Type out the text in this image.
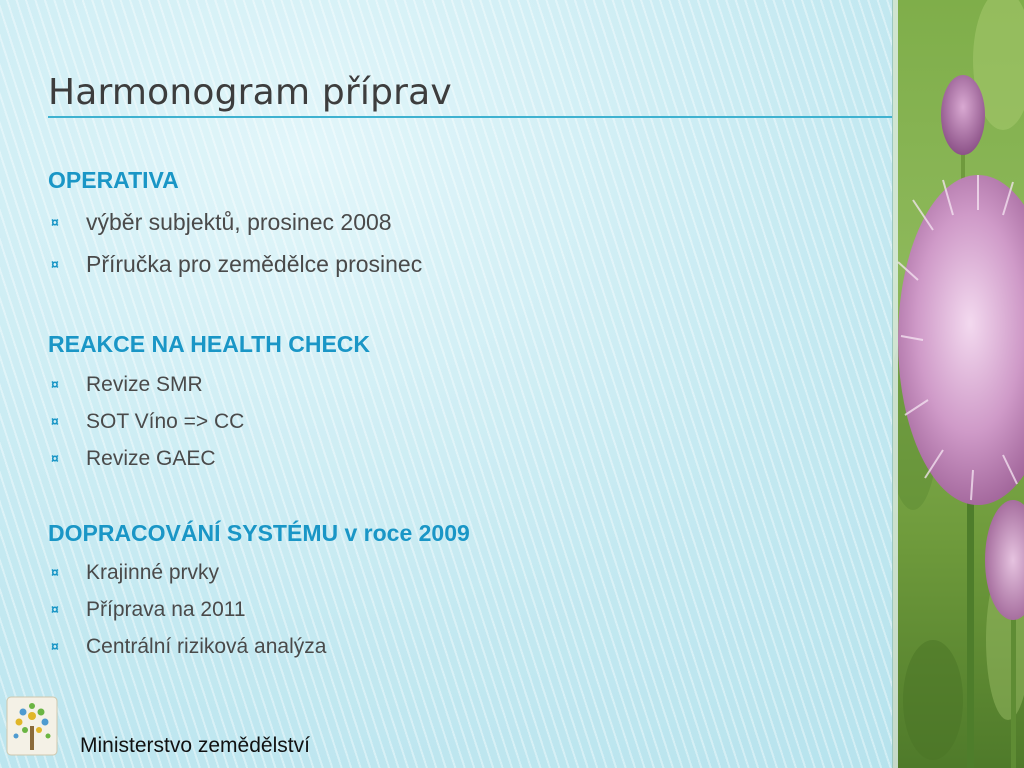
Harmonogram příprav
OPERATIVA
¤ výběr subjektů, prosinec 2008
¤ Příručka pro zemědělce prosinec
REAKCE NA HEALTH CHECK
¤ Revize SMR
¤ SOT Víno => CC
¤ Revize GAEC
DOPRACOVÁNÍ SYSTÉMU v roce 2009
¤ Krajinné prvky
¤ Příprava na 2011
¤ Centrální riziková analýza
Ministerstvo zemědělství
